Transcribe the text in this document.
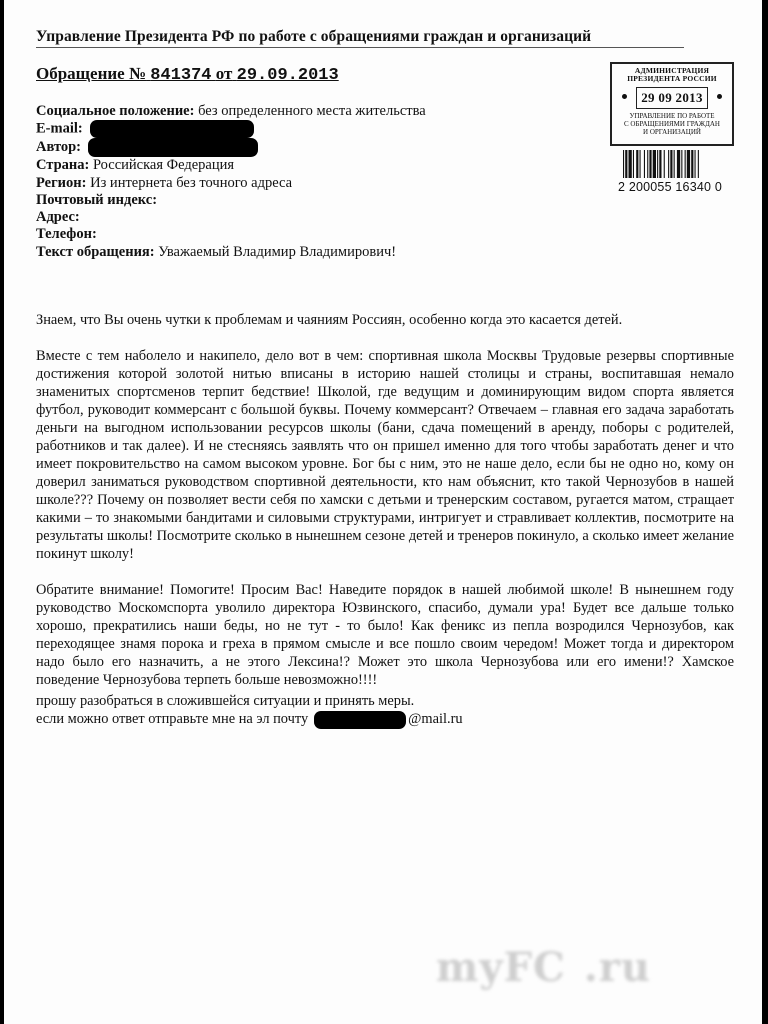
Управление Президента РФ по работе с обращениями граждан и организаций
Обращение № 841374 от 29.09.2013
Социальное положение: без определенного места жительства
E-mail:
Автор:
Страна: Российская Федерация
Регион: Из интернета без точного адреса
Почтовый индекс:
Адрес:
Телефон:
Текст обращения: Уважаемый Владимир Владимирович!
АДМИНИСТРАЦИЯ
ПРЕЗИДЕНТА РОССИИ
29 09 2013
УПРАВЛЕНИЕ ПО РАБОТЕ
С ОБРАЩЕНИЯМИ ГРАЖДАН
И ОРГАНИЗАЦИЙ
2 200055 16340 0

Знаем, что Вы очень чутки к проблемам и чаяниям Россиян, особенно когда это касается детей.

Вместе с тем наболело и накипело, дело вот в чем: спортивная школа Москвы Трудовые резервы спортивные достижения которой золотой нитью вписаны в историю нашей столицы и страны, воспитавшая немало знаменитых спортсменов терпит бедствие! Школой, где ведущим и доминирующим видом спорта является футбол, руководит коммерсант с большой буквы. Почему коммерсант? Отвечаем – главная его задача заработать деньги на выгодном использовании ресурсов школы (бани, сдача помещений в аренду, поборы с родителей, работников и так далее). И не стесняясь заявлять что он пришел именно для того чтобы заработать денег и что имеет покровительство на самом высоком уровне. Бог бы с ним, это не наше дело, если бы не одно но, кому он доверил заниматься руководством спортивной деятельности, кто нам объяснит, кто такой Чернозубов в нашей школе??? Почему он позволяет вести себя по хамски с детьми и тренерским составом, ругается матом, стращает какими – то знакомыми бандитами и силовыми структурами, интригует и стравливает коллектив, посмотрите на результаты школы! Посмотрите сколько в нынешнем сезоне детей и тренеров покинуло, а сколько имеет желание покинут школу!

Обратите внимание! Помогите! Просим Вас! Наведите порядок в нашей любимой школе! В нынешнем году руководство Москомспорта уволило директора Юзвинского, спасибо, думали ура! Будет все дальше только хорошо, прекратились наши беды, но не тут - то было! Как феникс из пепла возродился Чернозубов, как переходящее знамя порока и греха в прямом смысле и все пошло своим чередом! Может тогда и директором надо было его назначить, а не этого Лексина!? Может это школа Чернозубова или его имени!? Хамское поведение Чернозубова терпеть больше невозможно!!!!

прошу разобраться в сложившейся ситуации и принять меры.
если можно ответ отправьте мне на эл почту	@mail.ru
myFC .ru
